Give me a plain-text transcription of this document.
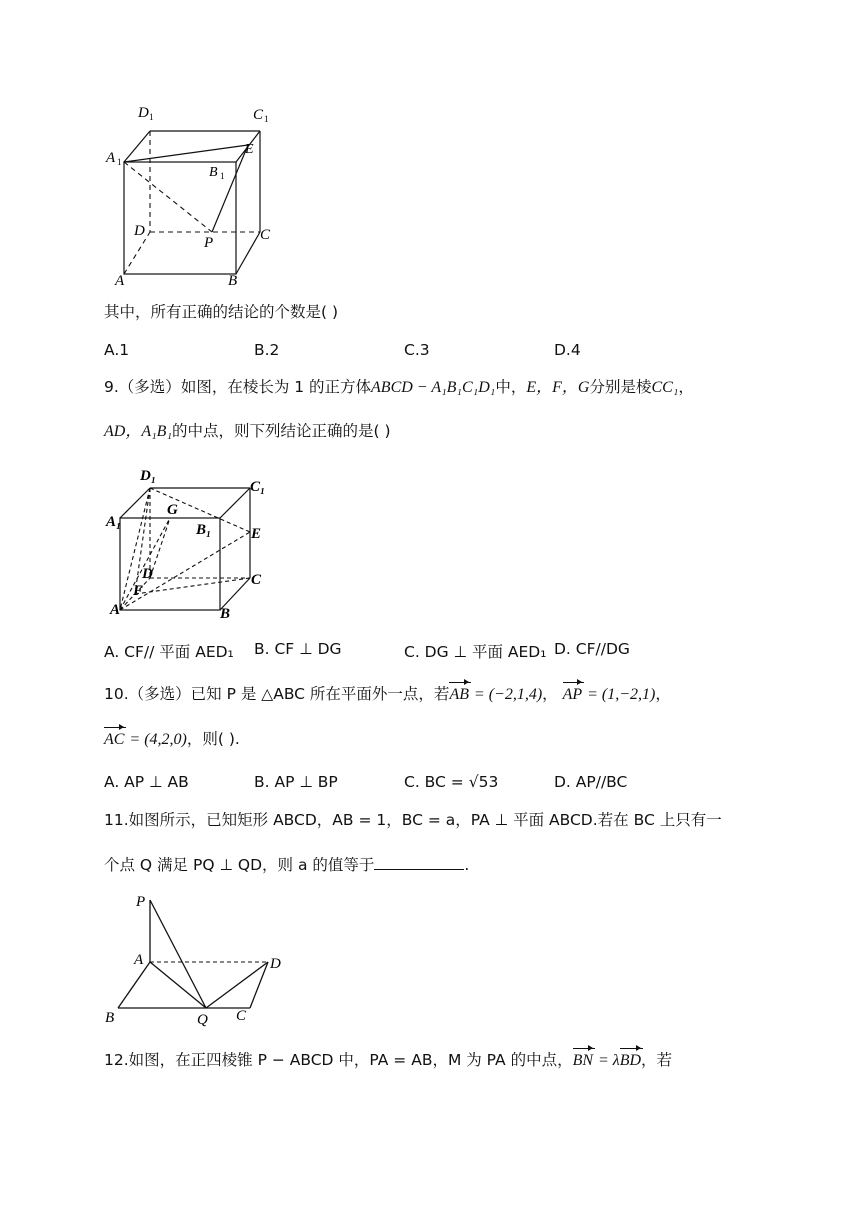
D 1	C 1
A 1
E
B 1
D
P	C
A	B
其中，所有正确的结论的个数是( )
A.1	B.2	C.3	D.4
9.（多选）如图，在棱长为 1 的正方体ABCD − A₁B₁C₁D₁中，E，F，G分别是棱CC₁，
AD，A₁B₁的中点，则下列结论正确的是( )
D₁
C₁
A₁
G
B₁	E
D	C
F
A	B
A. CF// 平面 AED₁ B. CF ⊥ DG	C. DG ⊥ 平面 AED₁ D. CF//DG
10.（多选）已知 P 是 △ABC 所在平面外一点，若AB = (−2,1,4)， AP = (1,−2,1)，
AC = (4,2,0)，则( ).
A. AP ⊥ AB	B. AP ⊥ BP	C. BC = √53	D. AP//BC
11.如图所示，已知矩形 ABCD，AB = 1，BC = a，PA ⊥ 平面 ABCD.若在 BC 上只有一
个点 Q 满足 PQ ⊥ QD，则 a 的值等于	.
P
A	D
B	Q C
12.如图，在正四棱锥 P − ABCD 中，PA = AB，M 为 PA 的中点，BN = λBD，若
